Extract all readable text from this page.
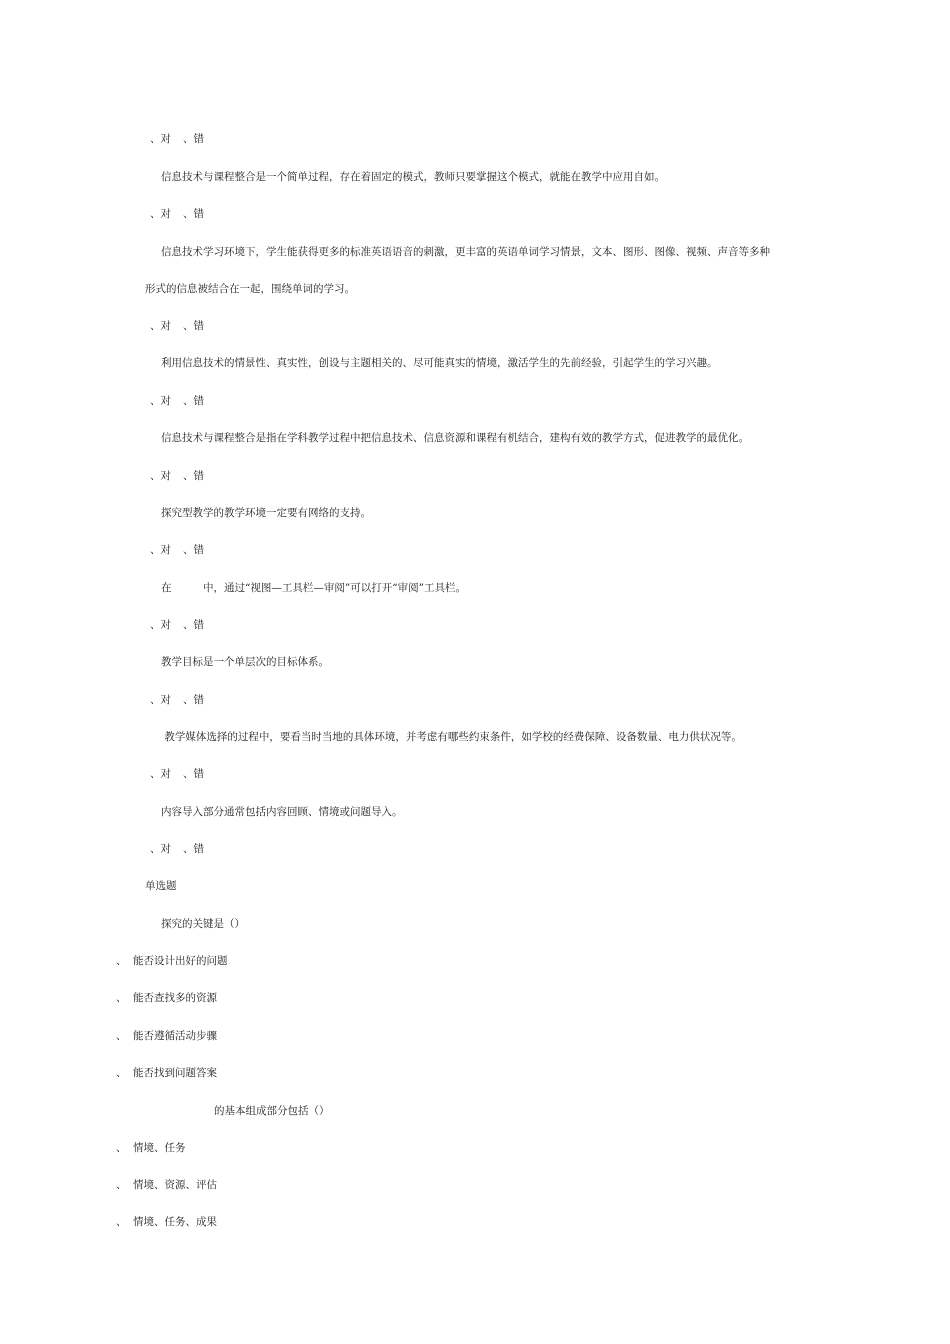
、对 、错
信息技术与课程整合是一个简单过程，存在着固定的模式，教师只要掌握这个模式，就能在教学中应用自如。
、对 、错
信息技术学习环境下，学生能获得更多的标准英语语音的刺激，更丰富的英语单词学习情景，文本、图形、图像、视频、声音等多种
形式的信息被结合在一起，围绕单词的学习。
、对 、错
利用信息技术的情景性、真实性，创设与主题相关的、尽可能真实的情境，激活学生的先前经验，引起学生的学习兴趣。
、对 、错
信息技术与课程整合是指在学科教学过程中把信息技术、信息资源和课程有机结合，建构有效的教学方式，促进教学的最优化。
、对 、错
探究型教学的教学环境一定要有网络的支持。
、对 、错
在　　　中，通过“视图—工具栏—审阅”可以打开“审阅”工具栏。
、对 、错
教学目标是一个单层次的目标体系。
、对 、错
教学媒体选择的过程中，要看当时当地的具体环境，并考虑有哪些约束条件，如学校的经费保障、设备数量、电力供状况等。
、对 、错
内容导入部分通常包括内容回顾、情境或问题导入。
、对 、错
单选题
探究的关键是（）
、 能否设计出好的问题
、 能否查找多的资源
、 能否遵循活动步骤
、 能否找到问题答案
的基本组成部分包括（）
、 情境、任务
、 情境、资源、评估
、 情境、任务、成果
